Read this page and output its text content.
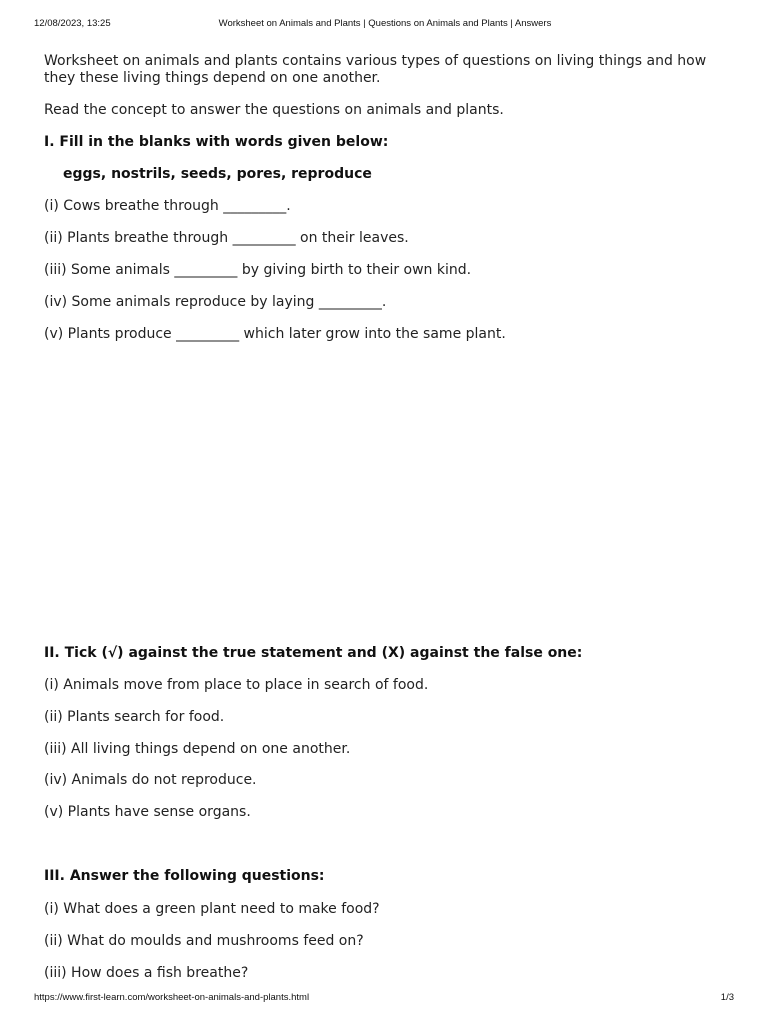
12/08/2023, 13:25	Worksheet on Animals and Plants | Questions on Animals and Plants | Answers
Worksheet on animals and plants contains various types of questions on living things and how they these living things depend on one another.
Read the concept to answer the questions on animals and plants.
I. Fill in the blanks with words given below:
eggs, nostrils, seeds, pores, reproduce
(i) Cows breathe through _________.
(ii) Plants breathe through _________ on their leaves.
(iii) Some animals _________ by giving birth to their own kind.
(iv) Some animals reproduce by laying _________.
(v) Plants produce _________ which later grow into the same plant.
II. Tick (√) against the true statement and (X) against the false one:
(i) Animals move from place to place in search of food.
(ii) Plants search for food.
(iii) All living things depend on one another.
(iv) Animals do not reproduce.
(v) Plants have sense organs.
III. Answer the following questions:
(i) What does a green plant need to make food?
(ii) What do moulds and mushrooms feed on?
(iii) How does a fish breathe?
https://www.first-learn.com/worksheet-on-animals-and-plants.html	1/3
